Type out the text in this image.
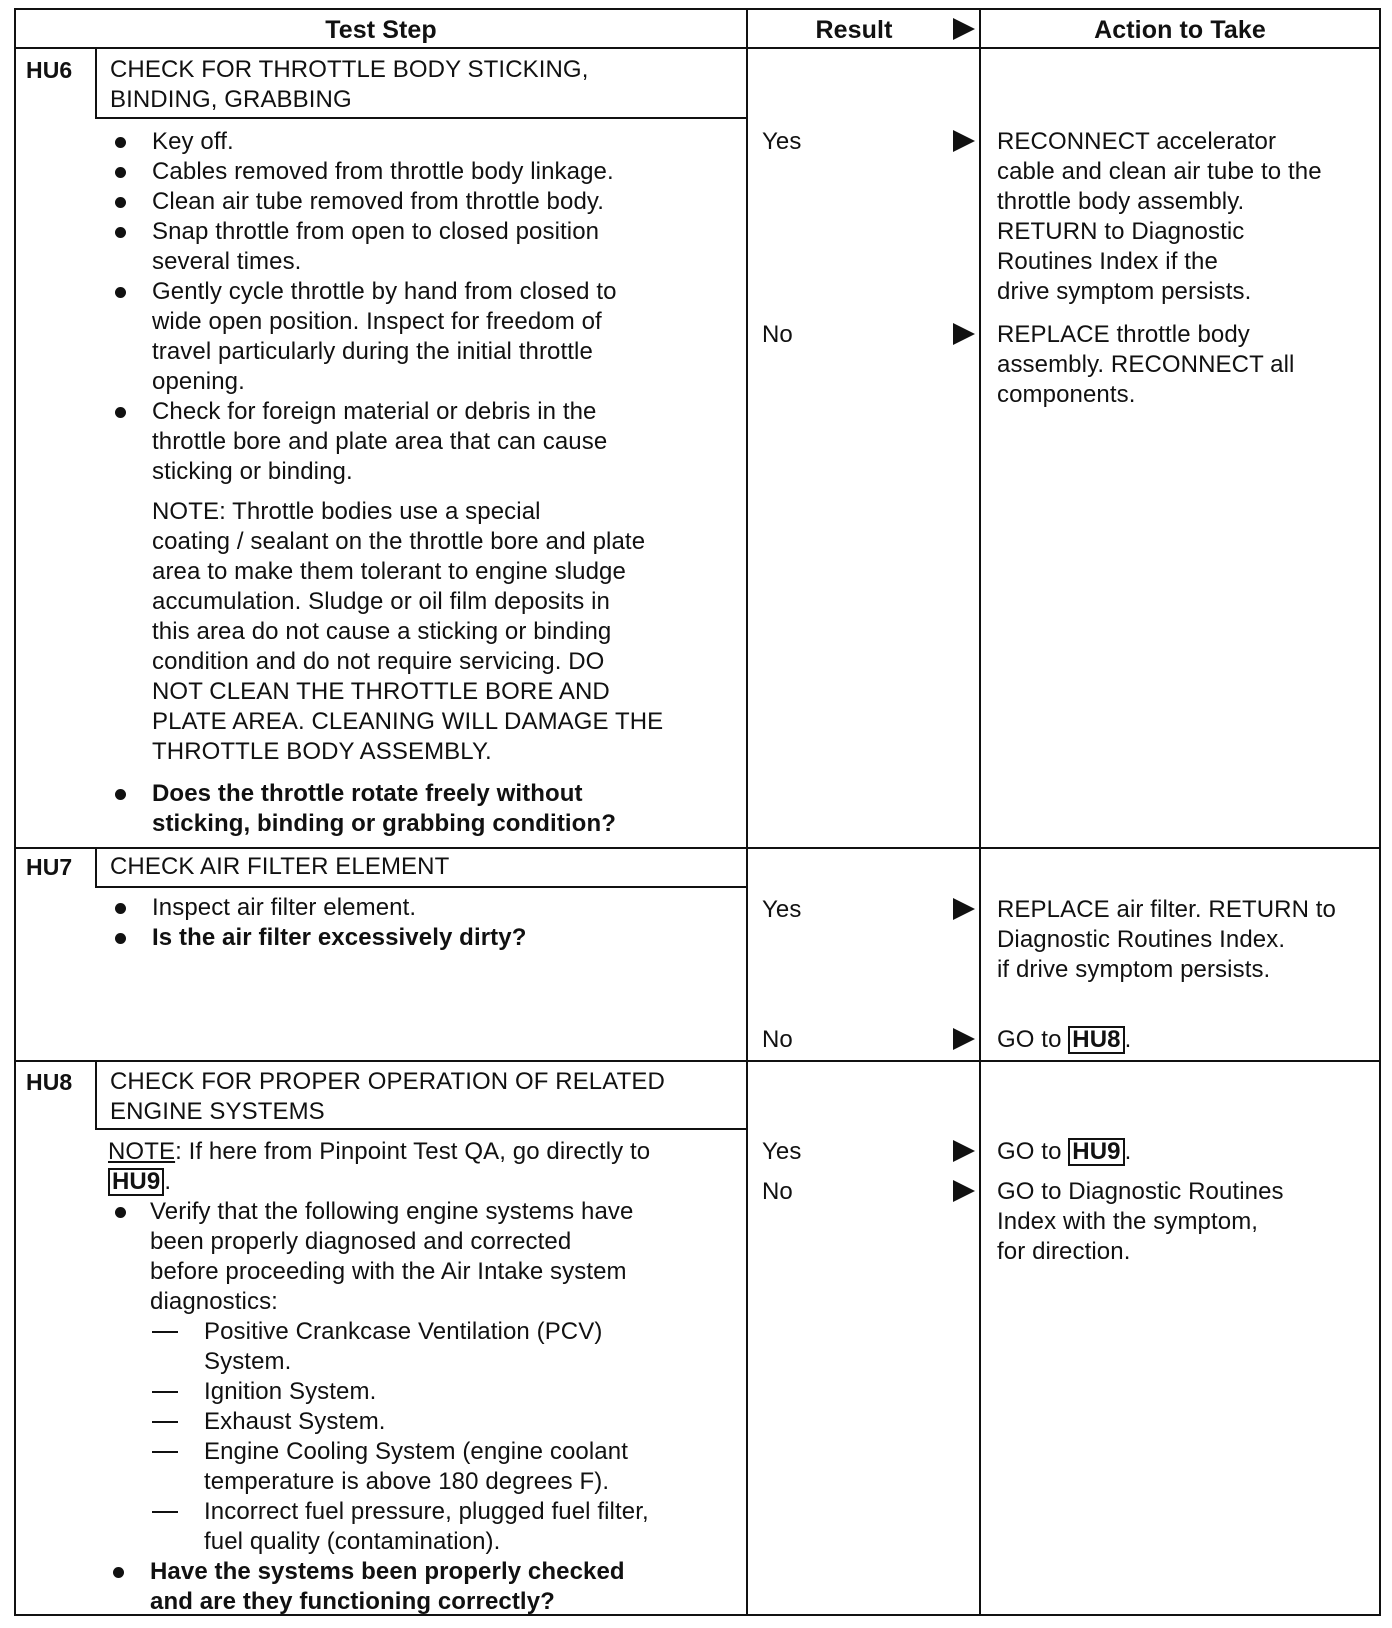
Test Step	Result	Action to Take
HU6 CHECK FOR THROTTLE BODY STICKING,
BINDING, GRABBING
Key off.
Cables removed from throttle body linkage.
Clean air tube removed from throttle body.
Snap throttle from open to closed position
several times.
Gently cycle throttle by hand from closed to
wide open position. Inspect for freedom of
travel particularly during the initial throttle
opening.
Check for foreign material or debris in the
throttle bore and plate area that can cause
sticking or binding.
NOTE: Throttle bodies use a special
coating / sealant on the throttle bore and plate
area to make them tolerant to engine sludge
accumulation. Sludge or oil film deposits in
this area do not cause a sticking or binding
condition and do not require servicing. DO
NOT CLEAN THE THROTTLE BORE AND
PLATE AREA. CLEANING WILL DAMAGE THE
THROTTLE BODY ASSEMBLY.
Does the throttle rotate freely without
sticking, binding or grabbing condition?
Yes	RECONNECT accelerator
cable and clean air tube to the
throttle body assembly.
RETURN to Diagnostic
Routines Index if the
drive symptom persists.
No	REPLACE throttle body
assembly. RECONNECT all
components.
HU7 CHECK AIR FILTER ELEMENT
Inspect air filter element.
Is the air filter excessively dirty?
Yes	REPLACE air filter. RETURN to
Diagnostic Routines Index.
if drive symptom persists.
No	GO to HU8 .
HU8 CHECK FOR PROPER OPERATION OF RELATED
ENGINE SYSTEMS
NOTE: If here from Pinpoint Test QA, go directly to
HU9 .
Verify that the following engine systems have
been properly diagnosed and corrected
before proceeding with the Air Intake system
diagnostics:
Positive Crankcase Ventilation (PCV)
System.
Ignition System.
Exhaust System.
Engine Cooling System (engine coolant
temperature is above 180 degrees F).
Incorrect fuel pressure, plugged fuel filter,
fuel quality (contamination).
Have the systems been properly checked
and are they functioning correctly?
Yes	GO to HU9 .
No	GO to Diagnostic Routines
Index with the symptom,
for direction.
